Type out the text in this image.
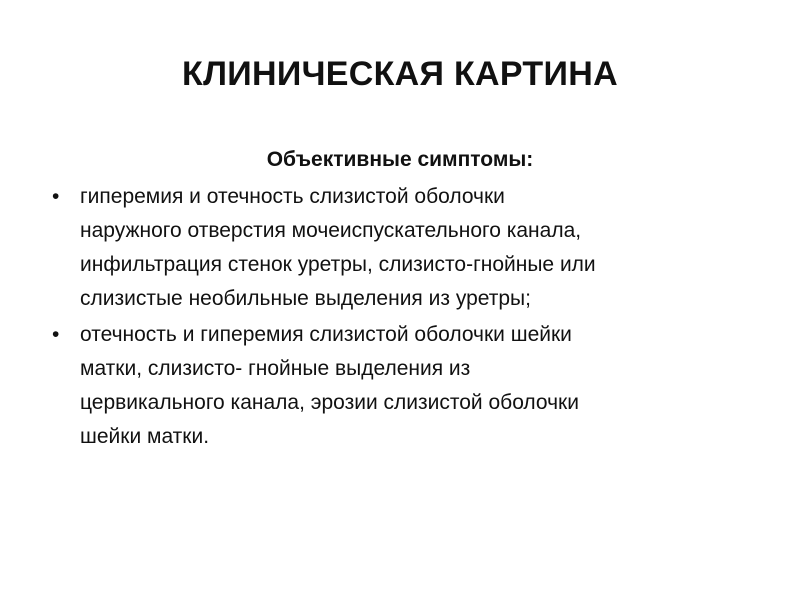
КЛИНИЧЕСКАЯ КАРТИНА
Объективные симптомы:
• гиперемия и отечность слизистой оболочки
наружного отверстия мочеиспускательного канала,
инфильтрация стенок уретры, слизисто-гнойные или
слизистые необильные выделения из уретры;
• отечность и гиперемия слизистой оболочки шейки
матки, слизисто- гнойные выделения из
цервикального канала, эрозии слизистой оболочки
шейки матки.
